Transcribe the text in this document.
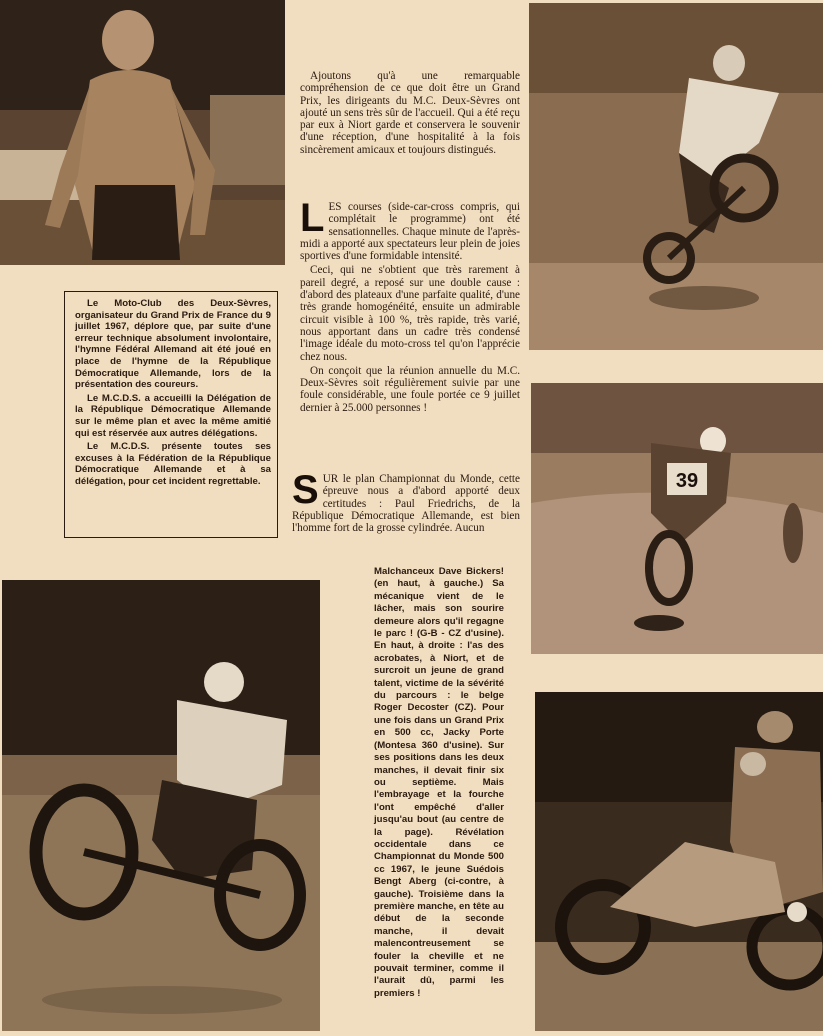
39

Ajoutons qu'à une remarquable compréhension de ce que doit être un Grand Prix, les dirigeants du M.C. Deux-Sèvres ont ajouté un sens très sûr de l'accueil. Qui a été reçu par eux à Niort garde et conservera le souvenir d'une réception, d'une hospitalité à la fois sincèrement amicaux et toujours distingués.

LES courses (side-car-cross compris, qui complétait le programme) ont été sensationnelles. Chaque minute de l'après-midi a apporté aux spectateurs leur plein de joies sportives d'une formidable intensité.

Ceci, qui ne s'obtient que très rarement à pareil degré, a reposé sur une double cause : d'abord des plateaux d'une parfaite qualité, d'une très grande homogénéité, ensuite un admirable circuit visible à 100 %, très rapide, très varié, nous apportant dans un cadre très condensé l'image idéale du moto-cross tel qu'on l'apprécie chez nous.

On conçoit que la réunion annuelle du M.C. Deux-Sèvres soit régulièrement suivie par une foule considérable, une foule portée ce 9 juillet dernier à 25.000 personnes !

SUR le plan Championnat du Monde, cette épreuve nous a d'abord apporté deux certitudes : Paul Friedrichs, de la République Démocratique Allemande, est bien l'homme fort de la grosse cylindrée. Aucun

Le Moto-Club des Deux-Sèvres, organisateur du Grand Prix de France du 9 juillet 1967, déplore que, par suite d'une erreur technique absolument involontaire, l'hymne Fédéral Allemand ait été joué en place de l'hymne de la République Démocratique Allemande, lors de la présentation des coureurs.

Le M.C.D.S. a accueilli la Délégation de la République Démocratique Allemande sur le même plan et avec la même amitié qui est réservée aux autres délégations.

Le M.C.D.S. présente toutes ses excuses à la Fédération de la République Démocratique Allemande et à sa délégation, pour cet incident regrettable.

Malchanceux Dave Bickers! (en haut, à gauche.) Sa mécanique vient de le lâcher, mais son sourire demeure alors qu'il regagne le parc ! (G-B - CZ d'usine). En haut, à droite : l'as des acrobates, à Niort, et de surcroit un jeune de grand talent, victime de la sévérité du parcours : le belge Roger Decoster (CZ). Pour une fois dans un Grand Prix en 500 cc, Jacky Porte (Montesa 360 d'usine). Sur ses positions dans les deux manches, il devait finir six ou septième. Mais l'embrayage et la fourche l'ont empêché d'aller jusqu'au bout (au centre de la page). Révélation occidentale dans ce Championnat du Monde 500 cc 1967, le jeune Suédois Bengt Aberg (ci-contre, à gauche). Troisième dans la première manche, en tête au début de la seconde manche, il devait malencontreusement se fouler la cheville et ne pouvait terminer, comme il l'aurait dû, parmi les premiers !
